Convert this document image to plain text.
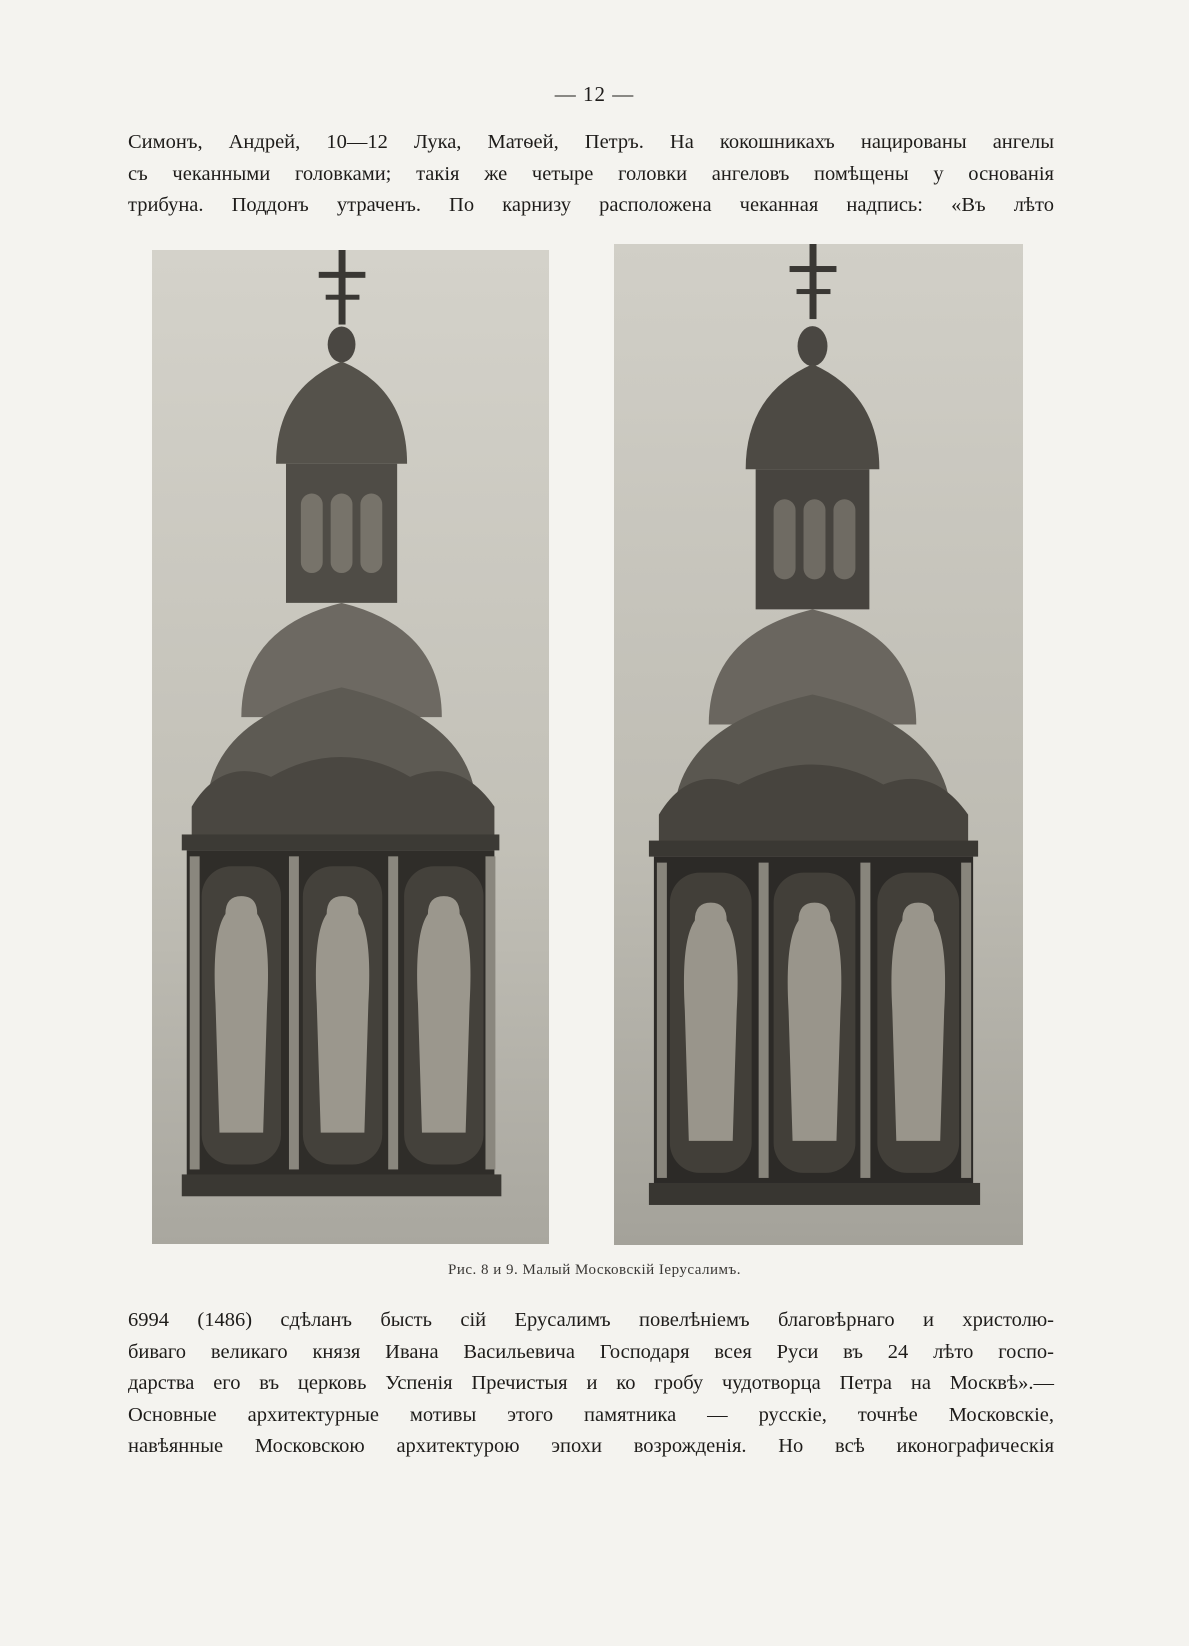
— 12 —

Симонъ, Андрей, 10—12 Лука, Матѳей, Петръ. На кокошникахъ нацированы ангелы
съ чеканными головками; такія же четыре головки ангеловъ помѣщены у основанія
трибуна. Поддонъ утраченъ. По карнизу расположена чеканная надпись: «Въ лѣто

Рис. 8 и 9. Малый Московскій Іерусалимъ.

6994 (1486) сдѣланъ бысть сій Ерусалимъ повелѣніемъ благовѣрнаго и христолю-
биваго великаго князя Ивана Васильевича Господаря всея Руси въ 24 лѣто госпо-
дарства его въ церковь Успенія Пречистыя и ко гробу чудотворца Петра на Москвѣ».—
Основные архитектурные мотивы этого памятника — русскіе, точнѣе Московскіе,
навѣянные Московскою архитектурою эпохи возрожденія. Но всѣ иконографическія
